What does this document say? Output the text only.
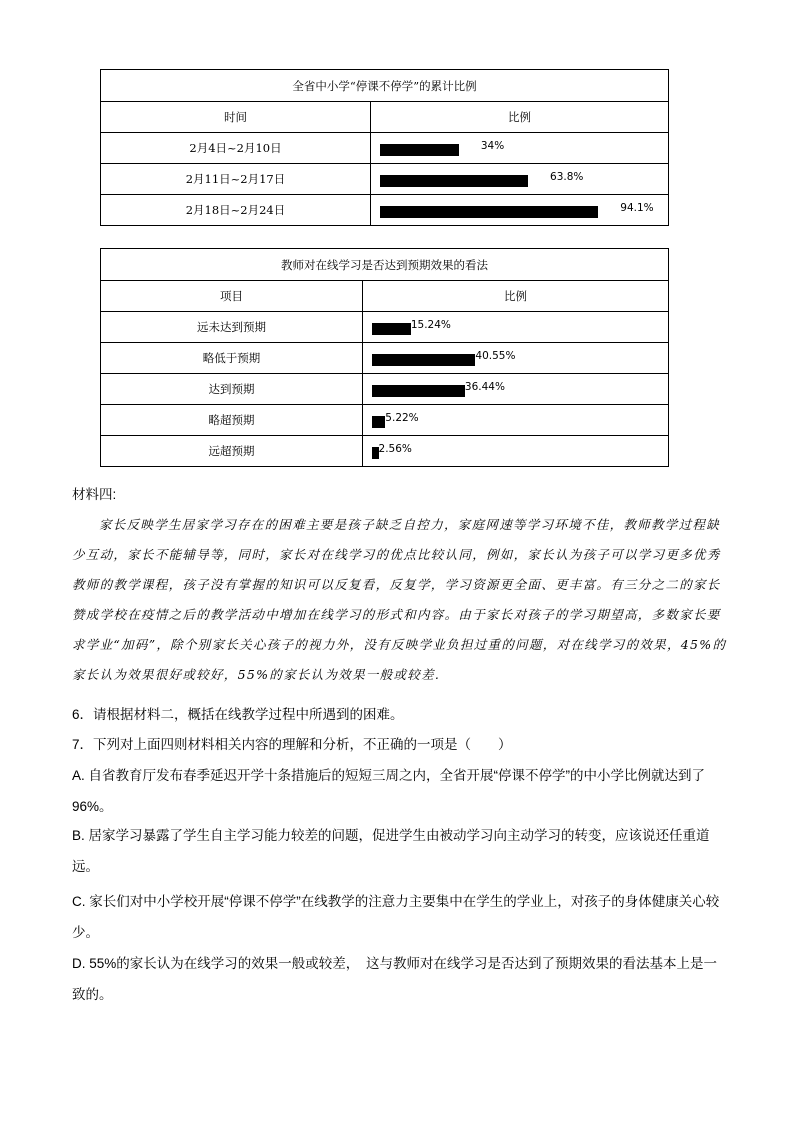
全省中小学“停课不停学”的累计比例	
时间	比例
2月4日~2月10日	34%

2月11日~2月17日	63.8%

2月18日~2月24日	94.1%
教师对在线学习是否达到预期效果的看法	
项目	比例
远未达到预期	15.24%

略低于预期	40.55%

达到预期	36.44%

略超预期	5.22%

远超预期	2.56%
材料四:
家长反映学生居家学习存在的困难主要是孩子缺乏自控力，家庭网速等学习环境不佳，教师教学过程缺少互动，家长不能辅导等，同时，家长对在线学习的优点比较认同，例如，家长认为孩子可以学习更多优秀教师的教学课程，孩子没有掌握的知识可以反复看，反复学，学习资源更全面、更丰富。有三分之二的家长赞成学校在疫情之后的教学活动中增加在线学习的形式和内容。由于家长对孩子的学习期望高，多数家长要求学业“加码”，除个别家长关心孩子的视力外，没有反映学业负担过重的问题，对在线学习的效果，45%的家长认为效果很好或较好，55%的家长认为效果一般或较差.
6．请根据材料二，概括在线教学过程中所遇到的困难。
7．下列对上面四则材料相关内容的理解和分析，不正确的一项是（　　）
A. 自省教育厅发布春季延迟开学十条措施后的短短三周之内，全省开展“停课不停学”的中小学比例就达到了96%。
B. 居家学习暴露了学生自主学习能力较差的问题，促进学生由被动学习向主动学习的转变，应该说还任重道远。
C. 家长们对中小学校开展“停课不停学”在线教学的注意力主要集中在学生的学业上，对孩子的身体健康关心较少。
D. 55%的家长认为在线学习的效果一般或较差，　这与教师对在线学习是否达到了预期效果的看法基本上是一致的。
